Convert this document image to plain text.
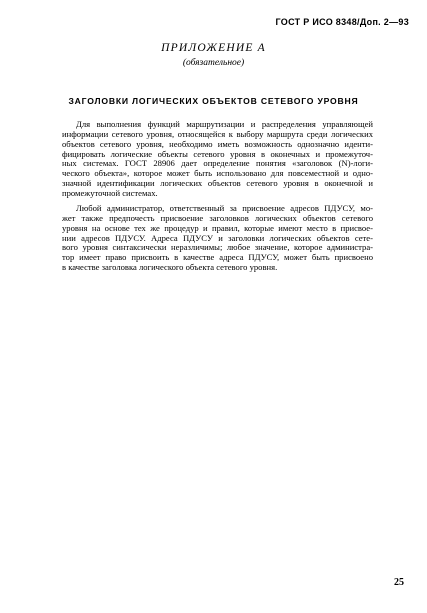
ГОСТ Р ИСО 8348/Доп. 2—93
ПРИЛОЖЕНИЕ А
(обязательное)
ЗАГОЛОВКИ ЛОГИЧЕСКИХ ОБЪЕКТОВ СЕТЕВОГО УРОВНЯ
Для выполнения функций маршрутизации и распределения управляющей
информации сетевого уровня, относящейся к выбору маршрута среди логических
объектов сетевого уровня, необходимо иметь возможность однозначно иденти-
фицировать логические объекты сетевого уровня в оконечных и промежуточ-
ных системах. ГОСТ 28906 дает определение понятия «заголовок (N)-логи-
ческого объекта», которое может быть использовано для повсеместной и одно-
значной идентификации логических объектов сетевого уровня в оконечной и
промежуточной системах.
Любой администратор, ответственный за присвоение адресов ПДУСУ, мо-
жет также предпочесть присвоение заголовков логических объектов сетевого
уровня на основе тех же процедур и правил, которые имеют место в присвое-
нии адресов ПДУСУ. Адреса ПДУСУ и заголовки логических объектов сете-
вого уровня синтаксически неразличимы; любое значение, которое администра-
тор имеет право присвоить в качестве адреса ПДУСУ, может быть присвоено
в качестве заголовка логического объекта сетевого уровня.
25
